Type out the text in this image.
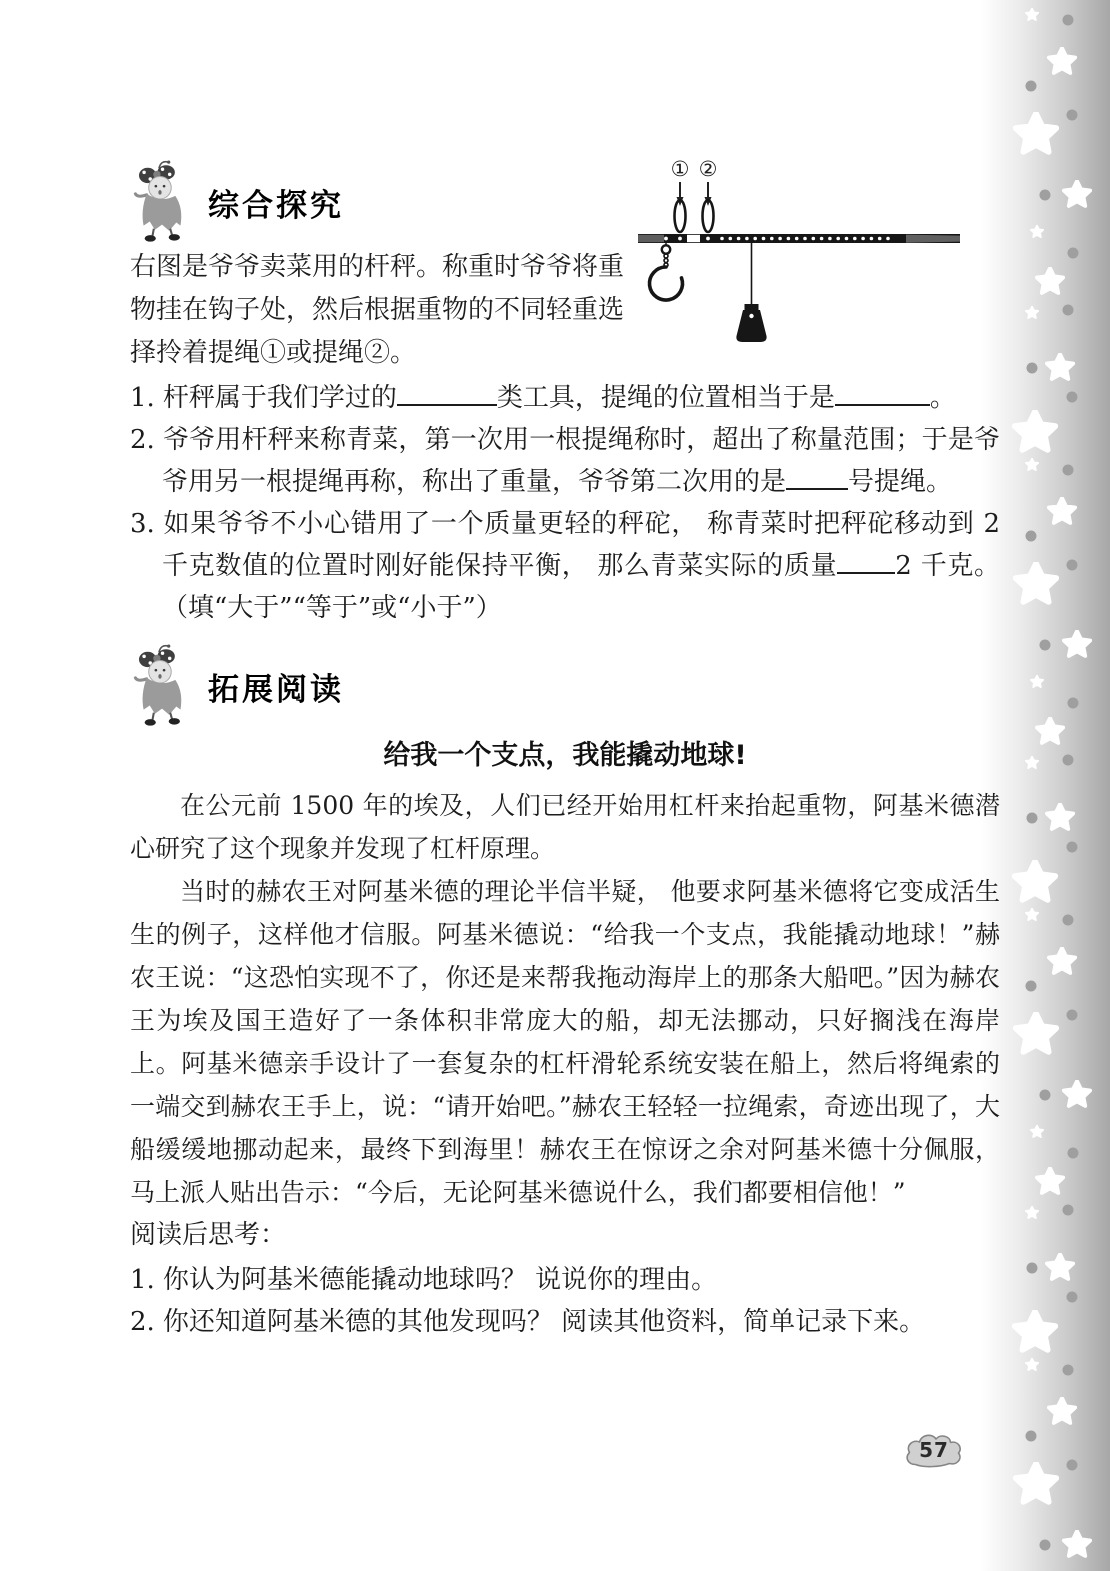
综合探究
右图是爷爷卖菜用的杆秤。称重时爷爷将重物挂在钩子处，然后根据重物的不同轻重选择拎着提绳①或提绳②。
① ②
1. 杆秤属于我们学过的	类工具，提绳的位置相当于是	。
2. 爷爷用杆秤来称青菜，第一次用一根提绳称时，超出了称量范围；于是爷爷用另一根提绳再称，称出了重量，爷爷第二次用的是 号提绳。
3. 如果爷爷不小心错用了一个质量更轻的秤砣， 称青菜时把秤砣移动到 2 千克数值的位置时刚好能保持平衡， 那么青菜实际的质量 2 千克。（填“大于”“等于”或“小于”）
拓展阅读
给我一个支点，我能撬动地球!

在公元前 1500 年的埃及，人们已经开始用杠杆来抬起重物，阿基米德潜心研究了这个现象并发现了杠杆原理。

当时的赫农王对阿基米德的理论半信半疑， 他要求阿基米德将它变成活生生的例子，这样他才信服。阿基米德说：“给我一个支点，我能撬动地球！”赫农王说：“这恐怕实现不了，你还是来帮我拖动海岸上的那条大船吧。”因为赫农王为埃及国王造好了一条体积非常庞大的船，却无法挪动，只好搁浅在海岸上。阿基米德亲手设计了一套复杂的杠杆滑轮系统安装在船上，然后将绳索的一端交到赫农王手上，说：“请开始吧。”赫农王轻轻一拉绳索，奇迹出现了，大船缓缓地挪动起来，最终下到海里！赫农王在惊讶之余对阿基米德十分佩服，马上派人贴出告示：“今后，无论阿基米德说什么，我们都要相信他！”

阅读后思考：
1. 你认为阿基米德能撬动地球吗？ 说说你的理由。
2. 你还知道阿基米德的其他发现吗？ 阅读其他资料，简单记录下来。
57
